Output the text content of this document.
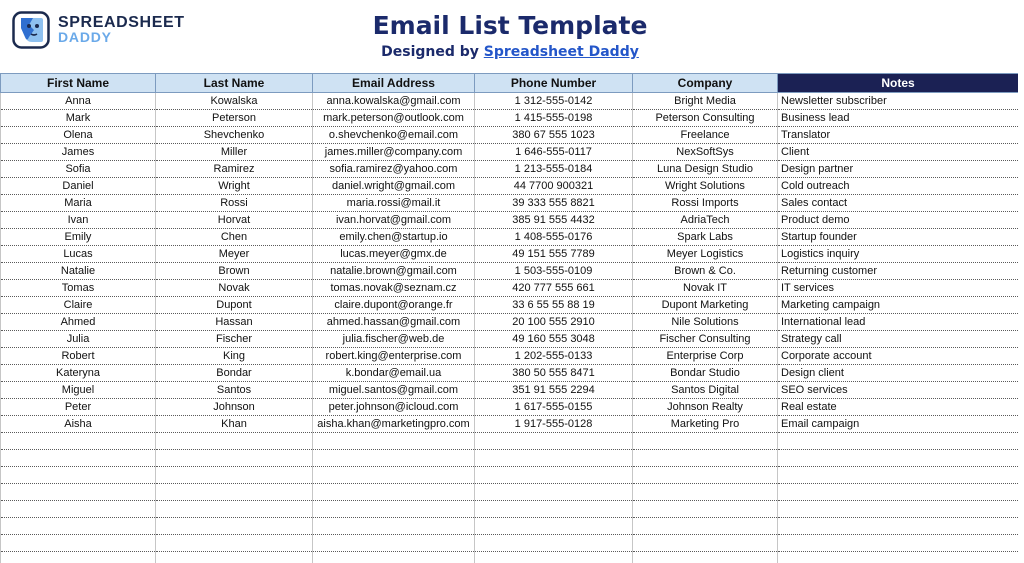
SPREADSHEET
DADDY	Email List Template
Designed by Spreadsheet Daddy
First Name	Last Name	Email Address	Phone Number	Company	Notes
Anna	Kowalska	anna.kowalska@gmail.com	1 312-555-0142	Bright Media	Newsletter subscriber
Mark	Peterson	mark.peterson@outlook.com	1 415-555-0198	Peterson Consulting	Business lead
Olena	Shevchenko	o.shevchenko@email.com	380 67 555 1023	Freelance	Translator
James	Miller	james.miller@company.com	1 646-555-0117	NexSoftSys	Client
Sofia	Ramirez	sofia.ramirez@yahoo.com	1 213-555-0184	Luna Design Studio	Design partner
Daniel	Wright	daniel.wright@gmail.com	44 7700 900321	Wright Solutions	Cold outreach
Maria	Rossi	maria.rossi@mail.it	39 333 555 8821	Rossi Imports	Sales contact
Ivan	Horvat	ivan.horvat@gmail.com	385 91 555 4432	AdriaTech	Product demo
Emily	Chen	emily.chen@startup.io	1 408-555-0176	Spark Labs	Startup founder
Lucas	Meyer	lucas.meyer@gmx.de	49 151 555 7789	Meyer Logistics	Logistics inquiry
Natalie	Brown	natalie.brown@gmail.com	1 503-555-0109	Brown & Co.	Returning customer
Tomas	Novak	tomas.novak@seznam.cz	420 777 555 661	Novak IT	IT services
Claire	Dupont	claire.dupont@orange.fr	33 6 55 55 88 19	Dupont Marketing	Marketing campaign
Ahmed	Hassan	ahmed.hassan@gmail.com	20 100 555 2910	Nile Solutions	International lead
Julia	Fischer	julia.fischer@web.de	49 160 555 3048	Fischer Consulting	Strategy call
Robert	King	robert.king@enterprise.com	1 202-555-0133	Enterprise Corp	Corporate account
Kateryna	Bondar	k.bondar@email.ua	380 50 555 8471	Bondar Studio	Design client
Miguel	Santos	miguel.santos@gmail.com	351 91 555 2294	Santos Digital	SEO services
Peter	Johnson	peter.johnson@icloud.com	1 617-555-0155	Johnson Realty	Real estate
Aisha	Khan	aisha.khan@marketingpro.com	1 917-555-0128	Marketing Pro	Email campaign
